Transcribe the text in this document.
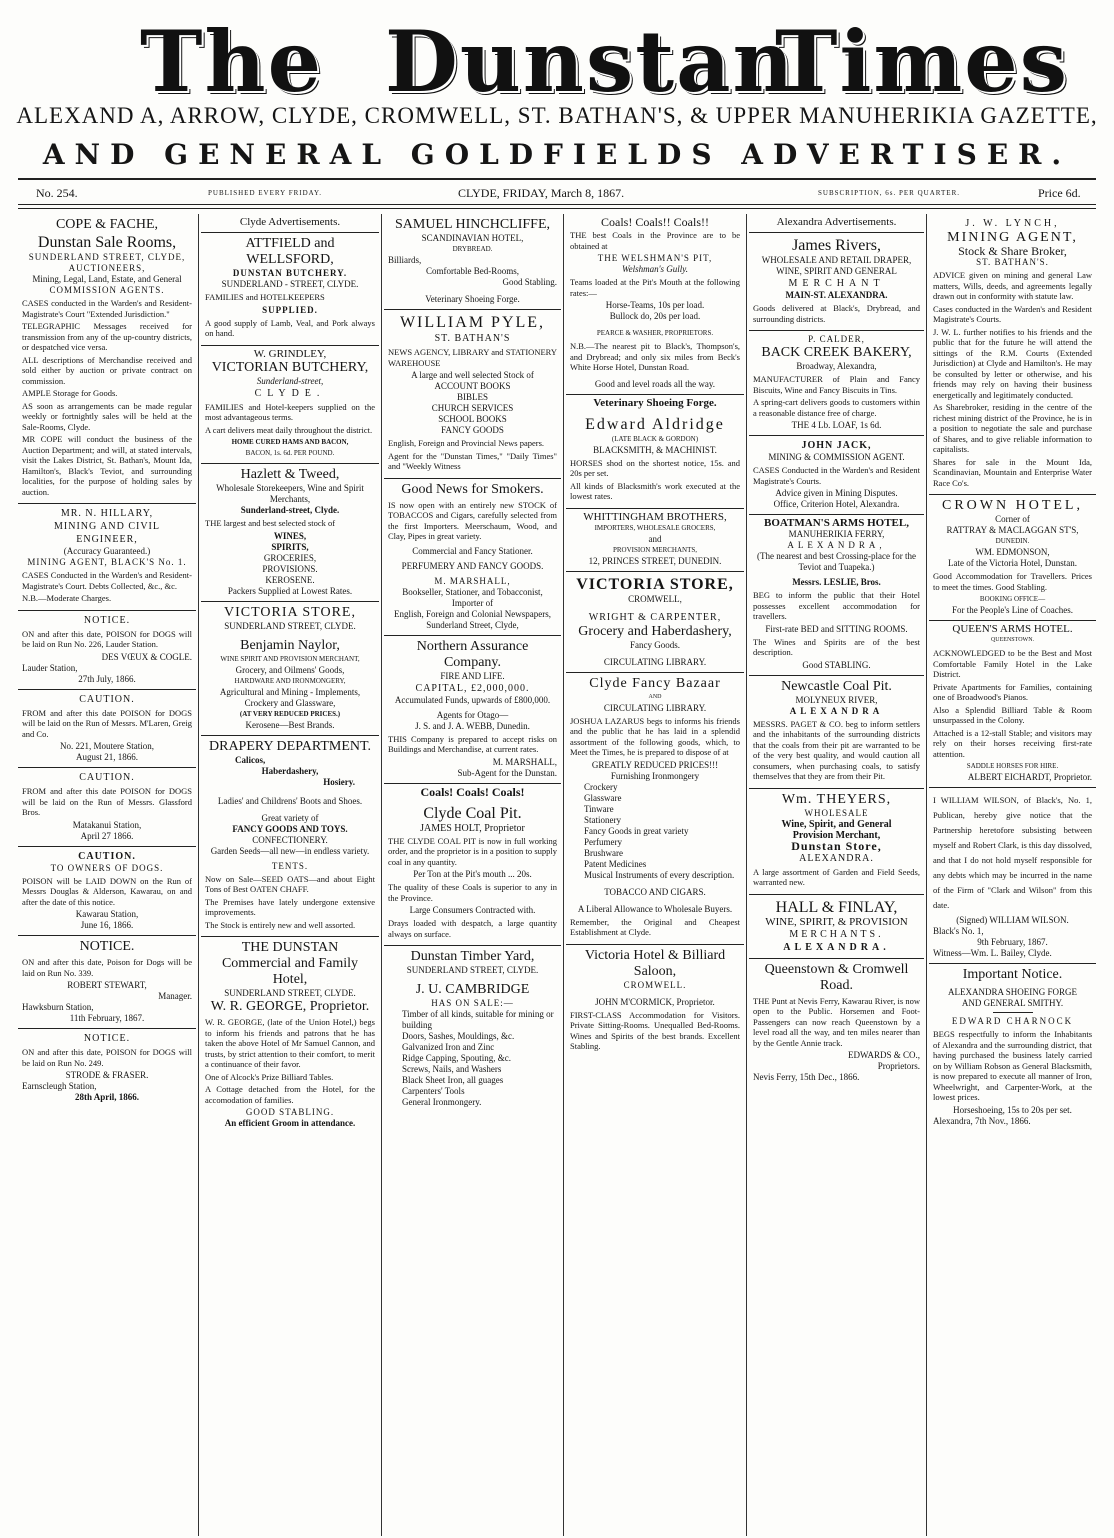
The Dunstan
Times
ALEXAND A, ARROW, CLYDE, CROMWELL, ST. BATHAN'S, & UPPER MANUHERIKIA GAZETTE,
AND GENERAL GOLDFIELDS ADVERTISER.
No. 254.	PUBLISHED EVERY FRIDAY.	CLYDE, FRIDAY, March 8, 1867.	SUBSCRIPTION, 6s. PER QUARTER.	Price 6d.
COPE & FACHE,
Dunstan Sale Rooms,
SUNDERLAND STREET, CLYDE,
AUCTIONEERS,
Mining, Legal, Land, Estate, and General
COMMISSION AGENTS.

CASES conducted in the Warden's and Resident-Magistrate's Court "Extended Jurisdiction."

TELEGRAPHIC Messages received for transmission from any of the up-country districts, or despatched vice versa.

ALL descriptions of Merchandise received and sold either by auction or private contract on commission.

AMPLE Storage for Goods.

AS soon as arrangements can be made regular weekly or fortnightly sales will be held at the Sale-Rooms, Clyde.

MR COPE will conduct the business of the Auction Department; and will, at stated intervals, visit the Lakes District, St. Bathan's, Mount Ida, Hamilton's, Black's Teviot, and surrounding localities, for the purpose of holding sales by auction.

MR. N. HILLARY,
MINING AND CIVIL ENGINEER,
(Accuracy Guaranteed.)
MINING AGENT, BLACK'S No. 1.

CASES Conducted in the Warden's and Resident-Magistrate's Court. Debts Collected, &c., &c.

N.B.—Moderate Charges.

NOTICE.

ON and after this date, POISON for DOGS will be laid on Run No. 226, Lauder Station.

DES VŒUX & COGLE.
Lauder Station,
27th July, 1866.
CAUTION.

FROM and after this date POISON for DOGS will be laid on the Run of Messrs. M'Laren, Greig and Co.

No. 221, Moutere Station,
August 21, 1866.
CAUTION.

FROM and after this date POISON for DOGS will be laid on the Run of Messrs. Glassford Bros.

Matakanui Station,
April 27 1866.
CAUTION.
TO OWNERS OF DOGS.

POISON will be LAID DOWN on the Run of Messrs Douglas & Alderson, Kawarau, on and after the date of this notice.

Kawarau Station,
June 16, 1866.
NOTICE.

ON and after this date, Poison for Dogs will be laid on Run No. 339.

ROBERT STEWART,
Manager.
Hawksburn Station,
11th February, 1867.
NOTICE.

ON and after this date, POISON for DOGS will be laid on Run No. 249.

STRODE & FRASER.
Earnscleugh Station,
28th April, 1866.
Clyde Advertisements.
ATTFIELD and WELLSFORD,
DUNSTAN BUTCHERY.
SUNDERLAND - STREET, CLYDE.

FAMILIES and HOTELKEEPERS

SUPPLIED.

A good supply of Lamb, Veal, and Pork always on hand.

W. GRINDLEY,
VICTORIAN BUTCHERY,
Sunderland-street,
CLYDE.

FAMILIES and Hotel-keepers supplied on the most advantageous terms.

A cart delivers meat daily throughout the district.

HOME CURED HAMS AND BACON,
BACON, 1s. 6d. PER POUND.
Hazlett & Tweed,
Wholesale Storekeepers, Wine and Spirit Merchants,
Sunderland-street, Clyde.

THE largest and best selected stock of

WINES,
SPIRITS,
GROCERIES,
PROVISIONS.
KEROSENE.
Packers Supplied at Lowest Rates.
VICTORIA STORE,
SUNDERLAND STREET, CLYDE.
Benjamin Naylor,
WINE SPIRIT AND PROVISION MERCHANT,
Grocery, and Oilmens' Goods,
HARDWARE AND IRONMONGERY,
Agricultural and Mining - Implements,
Crockery and Glassware,
(AT VERY REDUCED PRICES.)
Kerosene—Best Brands.
DRAPERY DEPARTMENT.
Calicos,
Haberdashery,
Hosiery.
Ladies' and Childrens' Boots and Shoes.
Great variety of
FANCY GOODS AND TOYS.
CONFECTIONERY.
Garden Seeds—all new—in endless variety.
TENTS.

Now on Sale—SEED OATS—and about Eight Tons of Best OATEN CHAFF.

The Premises have lately undergone extensive improvements.

The Stock is entirely new and well assorted.

THE DUNSTAN
Commercial and Family Hotel,
SUNDERLAND STREET, CLYDE.
W. R. GEORGE, Proprietor.

W. R. GEORGE, (late of the Union Hotel,) begs to inform his friends and patrons that he has taken the above Hotel of Mr Samuel Cannon, and trusts, by strict attention to their comfort, to merit a continuance of their favor.

One of Alcock's Prize Billiard Tables.

A Cottage detached from the Hotel, for the accomodation of families.

GOOD STABLING.
An efficient Groom in attendance.
SAMUEL HINCHCLIFFE,
SCANDINAVIAN HOTEL,
DRYBREAD.
Billiards,
Comfortable Bed-Rooms,
Good Stabling.
Veterinary Shoeing Forge.
WILLIAM PYLE,
ST. BATHAN'S

NEWS AGENCY, LIBRARY and STATIONERY WAREHOUSE

A large and well selected Stock of
ACCOUNT BOOKS
BIBLES
CHURCH SERVICES
SCHOOL BOOKS
FANCY GOODS

English, Foreign and Provincial News papers.

Agent for the "Dunstan Times," "Daily Times" and "Weekly Witness

Good News for Smokers.

IS now open with an entirely new STOCK of TOBACCOS and Cigars, carefully selected from the first Importers. Meerschaum, Wood, and Clay, Pipes in great variety.

Commercial and Fancy Stationer.
PERFUMERY AND FANCY GOODS.
M. MARSHALL,
Bookseller, Stationer, and Tobacconist, Importer of
English, Foreign and Colonial Newspapers, Sunderland Street, Clyde,
Northern Assurance Company.
FIRE AND LIFE.
CAPITAL, £2,000,000.
Accumulated Funds, upwards of £800,000.
Agents for Otago—
J. S. and J. A. WEBB, Dunedin.

THIS Company is prepared to accept risks on Buildings and Merchandise, at current rates.

M. MARSHALL,
Sub-Agent for the Dunstan.
Coals! Coals! Coals!
Clyde Coal Pit.
JAMES HOLT, Proprietor

THE CLYDE COAL PIT is now in full working order, and the proprietor is in a position to supply coal in any quantity.

Per Ton at the Pit's mouth ... 20s.

The quality of these Coals is superior to any in the Province.

Large Consumers Contracted with.

Drays loaded with despatch, a large quantity always on surface.

Dunstan Timber Yard,
SUNDERLAND STREET, CLYDE.
J. U. CAMBRIDGE
HAS ON SALE:—
Timber of all kinds, suitable for mining or building
Doors, Sashes, Mouldings, &c.
Galvanized Iron and Zinc
Ridge Capping, Spouting, &c.
Screws, Nails, and Washers
Black Sheet Iron, all guages
Carpenters' Tools
General Ironmongery.
Coals! Coals!! Coals!!

THE best Coals in the Province are to be obtained at

THE WELSHMAN'S PIT,
Welshman's Gully.

Teams loaded at the Pit's Mouth at the following rates:—

Horse-Teams, 10s per load.
Bullock do, 20s per load.
PEARCE & WASHER, PROPRIETORS.

N.B.—The nearest pit to Black's, Thompson's, and Drybread; and only six miles from Beck's White Horse Hotel, Dunstan Road.

Good and level roads all the way.
Veterinary Shoeing Forge.
Edward Aldridge
(LATE BLACK & GORDON)
BLACKSMITH, & MACHINIST.

HORSES shod on the shortest notice, 15s. and 20s per set.

All kinds of Blacksmith's work executed at the lowest rates.

WHITTINGHAM BROTHERS,
IMPORTERS, WHOLESALE GROCERS,
and
PROVISION MERCHANTS,
12, PRINCES STREET, DUNEDIN.
VICTORIA STORE,
CROMWELL,
WRIGHT & CARPENTER,
Grocery and Haberdashery,
Fancy Goods.
CIRCULATING LIBRARY.
Clyde Fancy Bazaar
AND
CIRCULATING LIBRARY.

JOSHUA LAZARUS begs to informs his friends and the public that he has laid in a splendid assortment of the following goods, which, to Meet the Times, he is prepared to dispose of at

GREATLY REDUCED PRICES!!!
Furnishing Ironmongery
Crockery
Glassware
Tinware
Stationery
Fancy Goods in great variety
Perfumery
Brushware
Patent Medicines
Musical Instruments of every description.
TOBACCO AND CIGARS.
A Liberal Allowance to Wholesale Buyers.

Remember, the Original and Cheapest Establishment at Clyde.

Victoria Hotel & Billiard Saloon,
CROMWELL.
JOHN M'CORMICK, Proprietor.

FIRST-CLASS Accommodation for Visitors. Private Sitting-Rooms. Unequalled Bed-Rooms. Wines and Spirits of the best brands. Excellent Stabling.

Alexandra Advertisements.
James Rivers,
WHOLESALE AND RETAIL DRAPER,
WINE, SPIRIT AND GENERAL
MERCHANT
MAIN-ST. ALEXANDRA.

Goods delivered at Black's, Drybread, and surrounding districts.

P. CALDER,
BACK CREEK BAKERY,
Broadway, Alexandra,

MANUFACTURER of Plain and Fancy Biscuits, Wine and Fancy Biscuits in Tins.

A spring-cart delivers goods to customers within a reasonable distance free of charge.

THE 4 Lb. LOAF, 1s 6d.
JOHN JACK,
MINING & COMMISSION AGENT.

CASES Conducted in the Warden's and Resident Magistrate's Courts.

Advice given in Mining Disputes.
Office, Criterion Hotel, Alexandra.
BOATMAN'S ARMS HOTEL,
MANUHERIKIA FERRY,
ALEXANDRA,
(The nearest and best Crossing-place for the Teviot and Tuapeka.)
Messrs. LESLIE, Bros.

BEG to inform the public that their Hotel possesses excellent accommodation for travellers.

First-rate BED and SITTING ROOMS.

The Wines and Spirits are of the best description.

Good STABLING.
Newcastle Coal Pit.
MOLYNEUX RIVER,
ALEXANDRA

MESSRS. PAGET & CO. beg to inform settlers and the inhabitants of the surrounding districts that the coals from their pit are warranted to be of the very best quality, and would caution all consumers, when purchasing coals, to satisfy themselves that they are from their Pit.

Wm. THEYERS,
WHOLESALE
Wine, Spirit, and General
Provision Merchant,
Dunstan Store,
ALEXANDRA.

A large assortment of Garden and Field Seeds, warranted new.

HALL & FINLAY,
WINE, SPIRIT, & PROVISION
MERCHANTS.
ALEXANDRA.
Queenstown & Cromwell Road.

THE Punt at Nevis Ferry, Kawarau River, is now open to the Public. Horsemen and Foot-Passengers can now reach Queenstown by a level road all the way, and ten miles nearer than by the Gentle Annie track.

EDWARDS & CO.,
Proprietors.
Nevis Ferry, 15th Dec., 1866.
J. W. LYNCH,
MINING AGENT,
Stock & Share Broker,
ST. BATHAN'S.

ADVICE given on mining and general Law matters, Wills, deeds, and agreements legally drawn out in conformity with statute law.

Cases conducted in the Warden's and Resident Magistrate's Courts.

J. W. L. further notifies to his friends and the public that for the future he will attend the sittings of the R.M. Courts (Extended Jurisdiction) at Clyde and Hamilton's. He may be consulted by letter or otherwise, and his friends may rely on having their business energetically and legitimately conducted.

As Sharebroker, residing in the centre of the richest mining district of the Province, he is in a position to negotiate the sale and purchase of Shares, and to give reliable information to capitalists.

Shares for sale in the Mount Ida, Scandinavian, Mountain and Enterprise Water Race Co's.

CROWN HOTEL,
Corner of
RATTRAY & MACLAGGAN ST'S,
DUNEDIN.
WM. EDMONSON,
Late of the Victoria Hotel, Dunstan.

Good Accommodation for Travellers. Prices to meet the times. Good Stabling.

BOOKING OFFICE—
For the People's Line of Coaches.
QUEEN'S ARMS HOTEL.
QUEENSTOWN.

ACKNOWLEDGED to be the Best and Most Comfortable Family Hotel in the Lake District.

Private Apartments for Families, containing one of Broadwood's Pianos.

Also a Splendid Billiard Table & Room unsurpassed in the Colony.

Attached is a 12-stall Stable; and visitors may rely on their horses receiving first-rate attention.

SADDLE HORSES FOR HIRE.
ALBERT EICHARDT, Proprietor.

I WILLIAM WILSON, of Black's, No. 1, Publican, hereby give notice that the Partnership heretofore subsisting between myself and Robert Clark, is this day dissolved, and that I do not hold myself responsible for any debts which may be incurred in the name of the Firm of "Clark and Wilson" from this date.

(Signed) WILLIAM WILSON.
Black's No. 1,
9th February, 1867.
Witness—Wm. L. Bailey, Clyde.
Important Notice.
ALEXANDRA SHOEING FORGE
AND GENERAL SMITHY.
EDWARD CHARNOCK

BEGS respectfully to inform the Inhabitants of Alexandra and the surrounding district, that having purchased the business lately carried on by William Robson as General Blacksmith, is now prepared to execute all manner of Iron, Wheelwright, and Carpenter-Work, at the lowest prices.

Horseshoeing, 15s to 20s per set.
Alexandra, 7th Nov., 1866.
